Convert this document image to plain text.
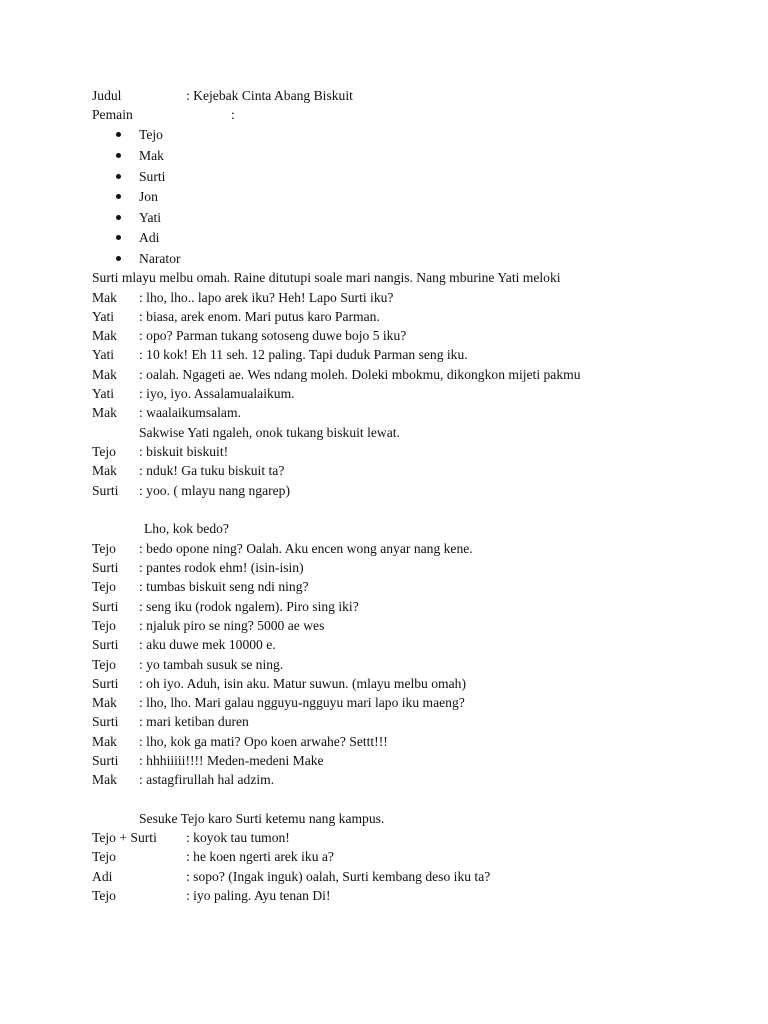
Judul	: Kejebak Cinta Abang Biskuit
Pemain	:
Tejo
Mak
Surti
Jon
Yati
Adi
Narator
Surti mlayu melbu omah. Raine ditutupi soale mari nangis. Nang mburine Yati meloki
Mak : lho, lho.. lapo arek iku? Heh! Lapo Surti iku?
Yati : biasa, arek enom. Mari putus karo Parman.
Mak : opo? Parman tukang sotoseng duwe bojo 5 iku?
Yati : 10 kok! Eh 11 seh. 12 paling. Tapi duduk Parman seng iku.
Mak : oalah. Ngageti ae. Wes ndang moleh. Doleki mbokmu, dikongkon mijeti pakmu
Yati : iyo, iyo. Assalamualaikum.
Mak : waalaikumsalam.
Sakwise Yati ngaleh, onok tukang biskuit lewat.
Tejo : biskuit biskuit!
Mak : nduk! Ga tuku biskuit ta?
Surti : yoo. ( mlayu nang ngarep)
Lho, kok bedo?
Tejo : bedo opone ning? Oalah. Aku encen wong anyar nang kene.
Surti : pantes rodok ehm! (isin-isin)
Tejo : tumbas biskuit seng ndi ning?
Surti : seng iku (rodok ngalem). Piro sing iki?
Tejo : njaluk piro se ning? 5000 ae wes
Surti : aku duwe mek 10000 e.
Tejo : yo tambah susuk se ning.
Surti : oh iyo. Aduh, isin aku. Matur suwun. (mlayu melbu omah)
Mak : lho, lho. Mari galau ngguyu-ngguyu mari lapo iku maeng?
Surti : mari ketiban duren
Mak : lho, kok ga mati? Opo koen arwahe? Settt!!!
Surti : hhhiiiii!!!! Meden-medeni Make
Mak : astagfirullah hal adzim.
Sesuke Tejo karo Surti ketemu nang kampus.
Tejo + Surti : koyok tau tumon!
Tejo	: he koen ngerti arek iku a?
Adi	: sopo? (Ingak inguk) oalah, Surti kembang deso iku ta?
Tejo	: iyo paling. Ayu tenan Di!
